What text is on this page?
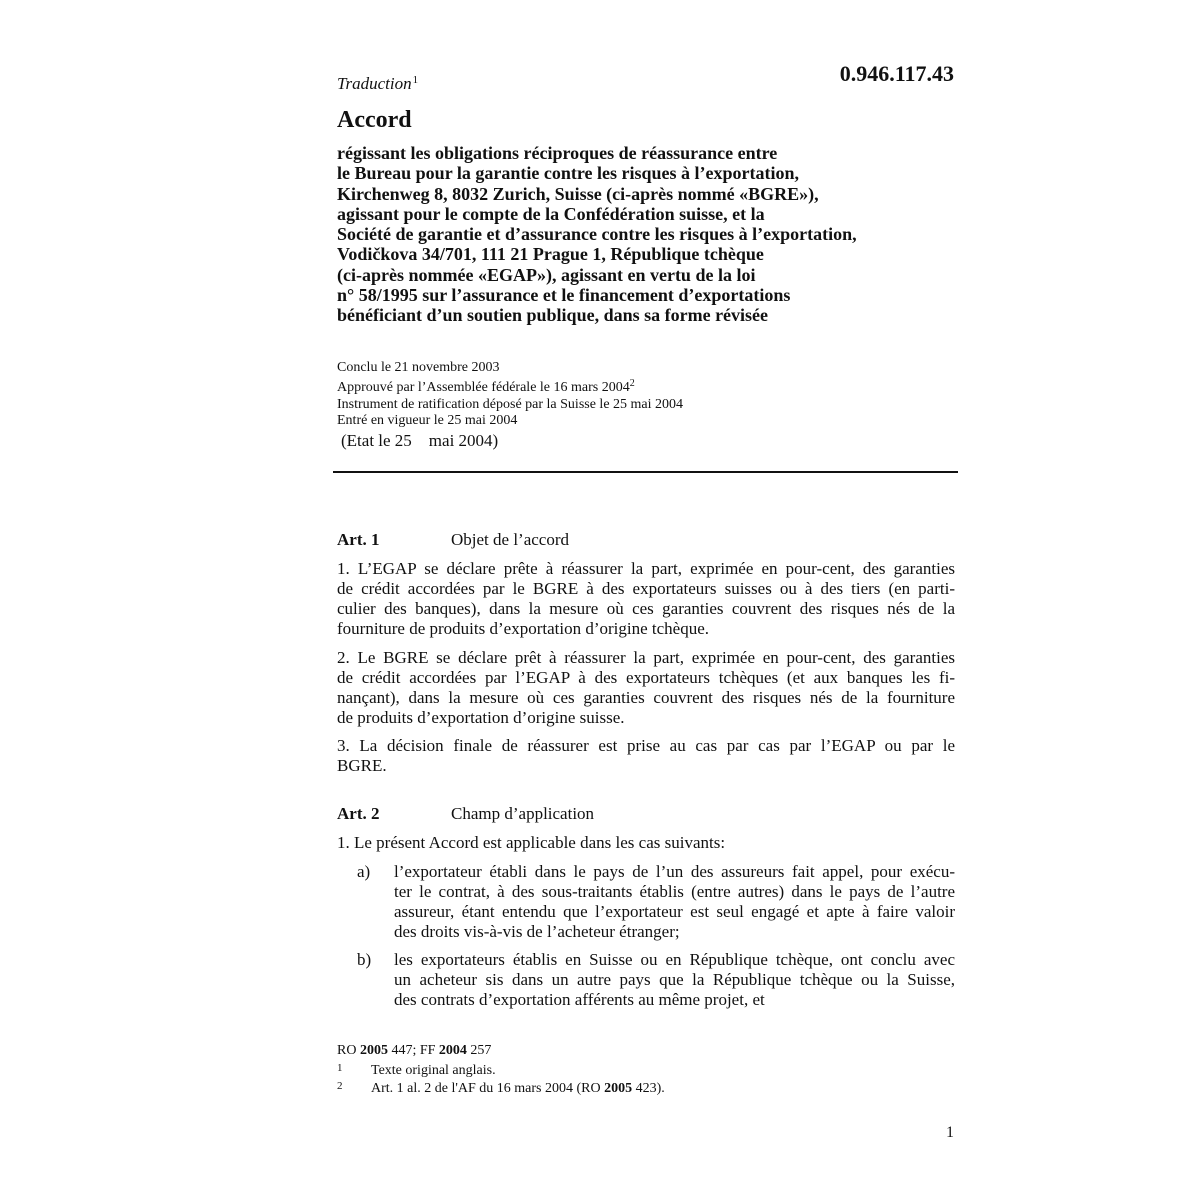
Traduction$^1$	0.946.117.43
Accord
régissant les obligations réciproques de réassurance entre
le Bureau pour la garantie contre les risques à l’exportation,
Kirchenweg 8, 8032 Zurich, Suisse (ci-après nommé «BGRE»),
agissant pour le compte de la Confédération suisse, et la
Société de garantie et d’assurance contre les risques à l’exportation,
Vodičkova 34/701, 111 21 Prague 1, République tchèque
(ci-après nommée «EGAP»), agissant en vertu de la loi
n° 58/1995 sur l’assurance et le financement d’exportations
bénéficiant d’un soutien publique, dans sa forme révisée
Conclu le 21 novembre 2003
Approuvé par l’Assemblée fédérale le 16 mars 2004$^2$
Instrument de ratification déposé par la Suisse le 25 mai 2004
Entré en vigueur le 25 mai 2004
(Etat le 25    mai 2004)
Art. 1	Objet de l’accord
1. L’EGAP se déclare prête à réassurer la part, exprimée en pour-cent, des garanties
de crédit accordées par le BGRE à des exportateurs suisses ou à des tiers (en parti-
culier des banques), dans la mesure où ces garanties couvrent des risques nés de la
fourniture de produits d’exportation d’origine tchèque.
2. Le BGRE se déclare prêt à réassurer la part, exprimée en pour-cent, des garanties
de crédit accordées par l’EGAP à des exportateurs tchèques (et aux banques les fi-
nançant), dans la mesure où ces garanties couvrent des risques nés de la fourniture
de produits d’exportation d’origine suisse.
3. La décision finale de réassurer est prise au cas par cas par l’EGAP ou par le
BGRE.
Art. 2	Champ d’application
1. Le présent Accord est applicable dans les cas suivants:
a) l’exportateur établi dans le pays de l’un des assureurs fait appel, pour exécu-
ter le contrat, à des sous-traitants établis (entre autres) dans le pays de l’autre
assureur, étant entendu que l’exportateur est seul engagé et apte à faire valoir
des droits vis-à-vis de l’acheteur étranger;
b) les exportateurs établis en Suisse ou en République tchèque, ont conclu avec
un acheteur sis dans un autre pays que la République tchèque ou la Suisse,
des contrats d’exportation afférents au même projet, et
RO 2005 447; FF 2004 257
1 Texte original anglais.
2 Art. 1 al. 2 de l'AF du 16 mars 2004 (RO 2005 423).
1
